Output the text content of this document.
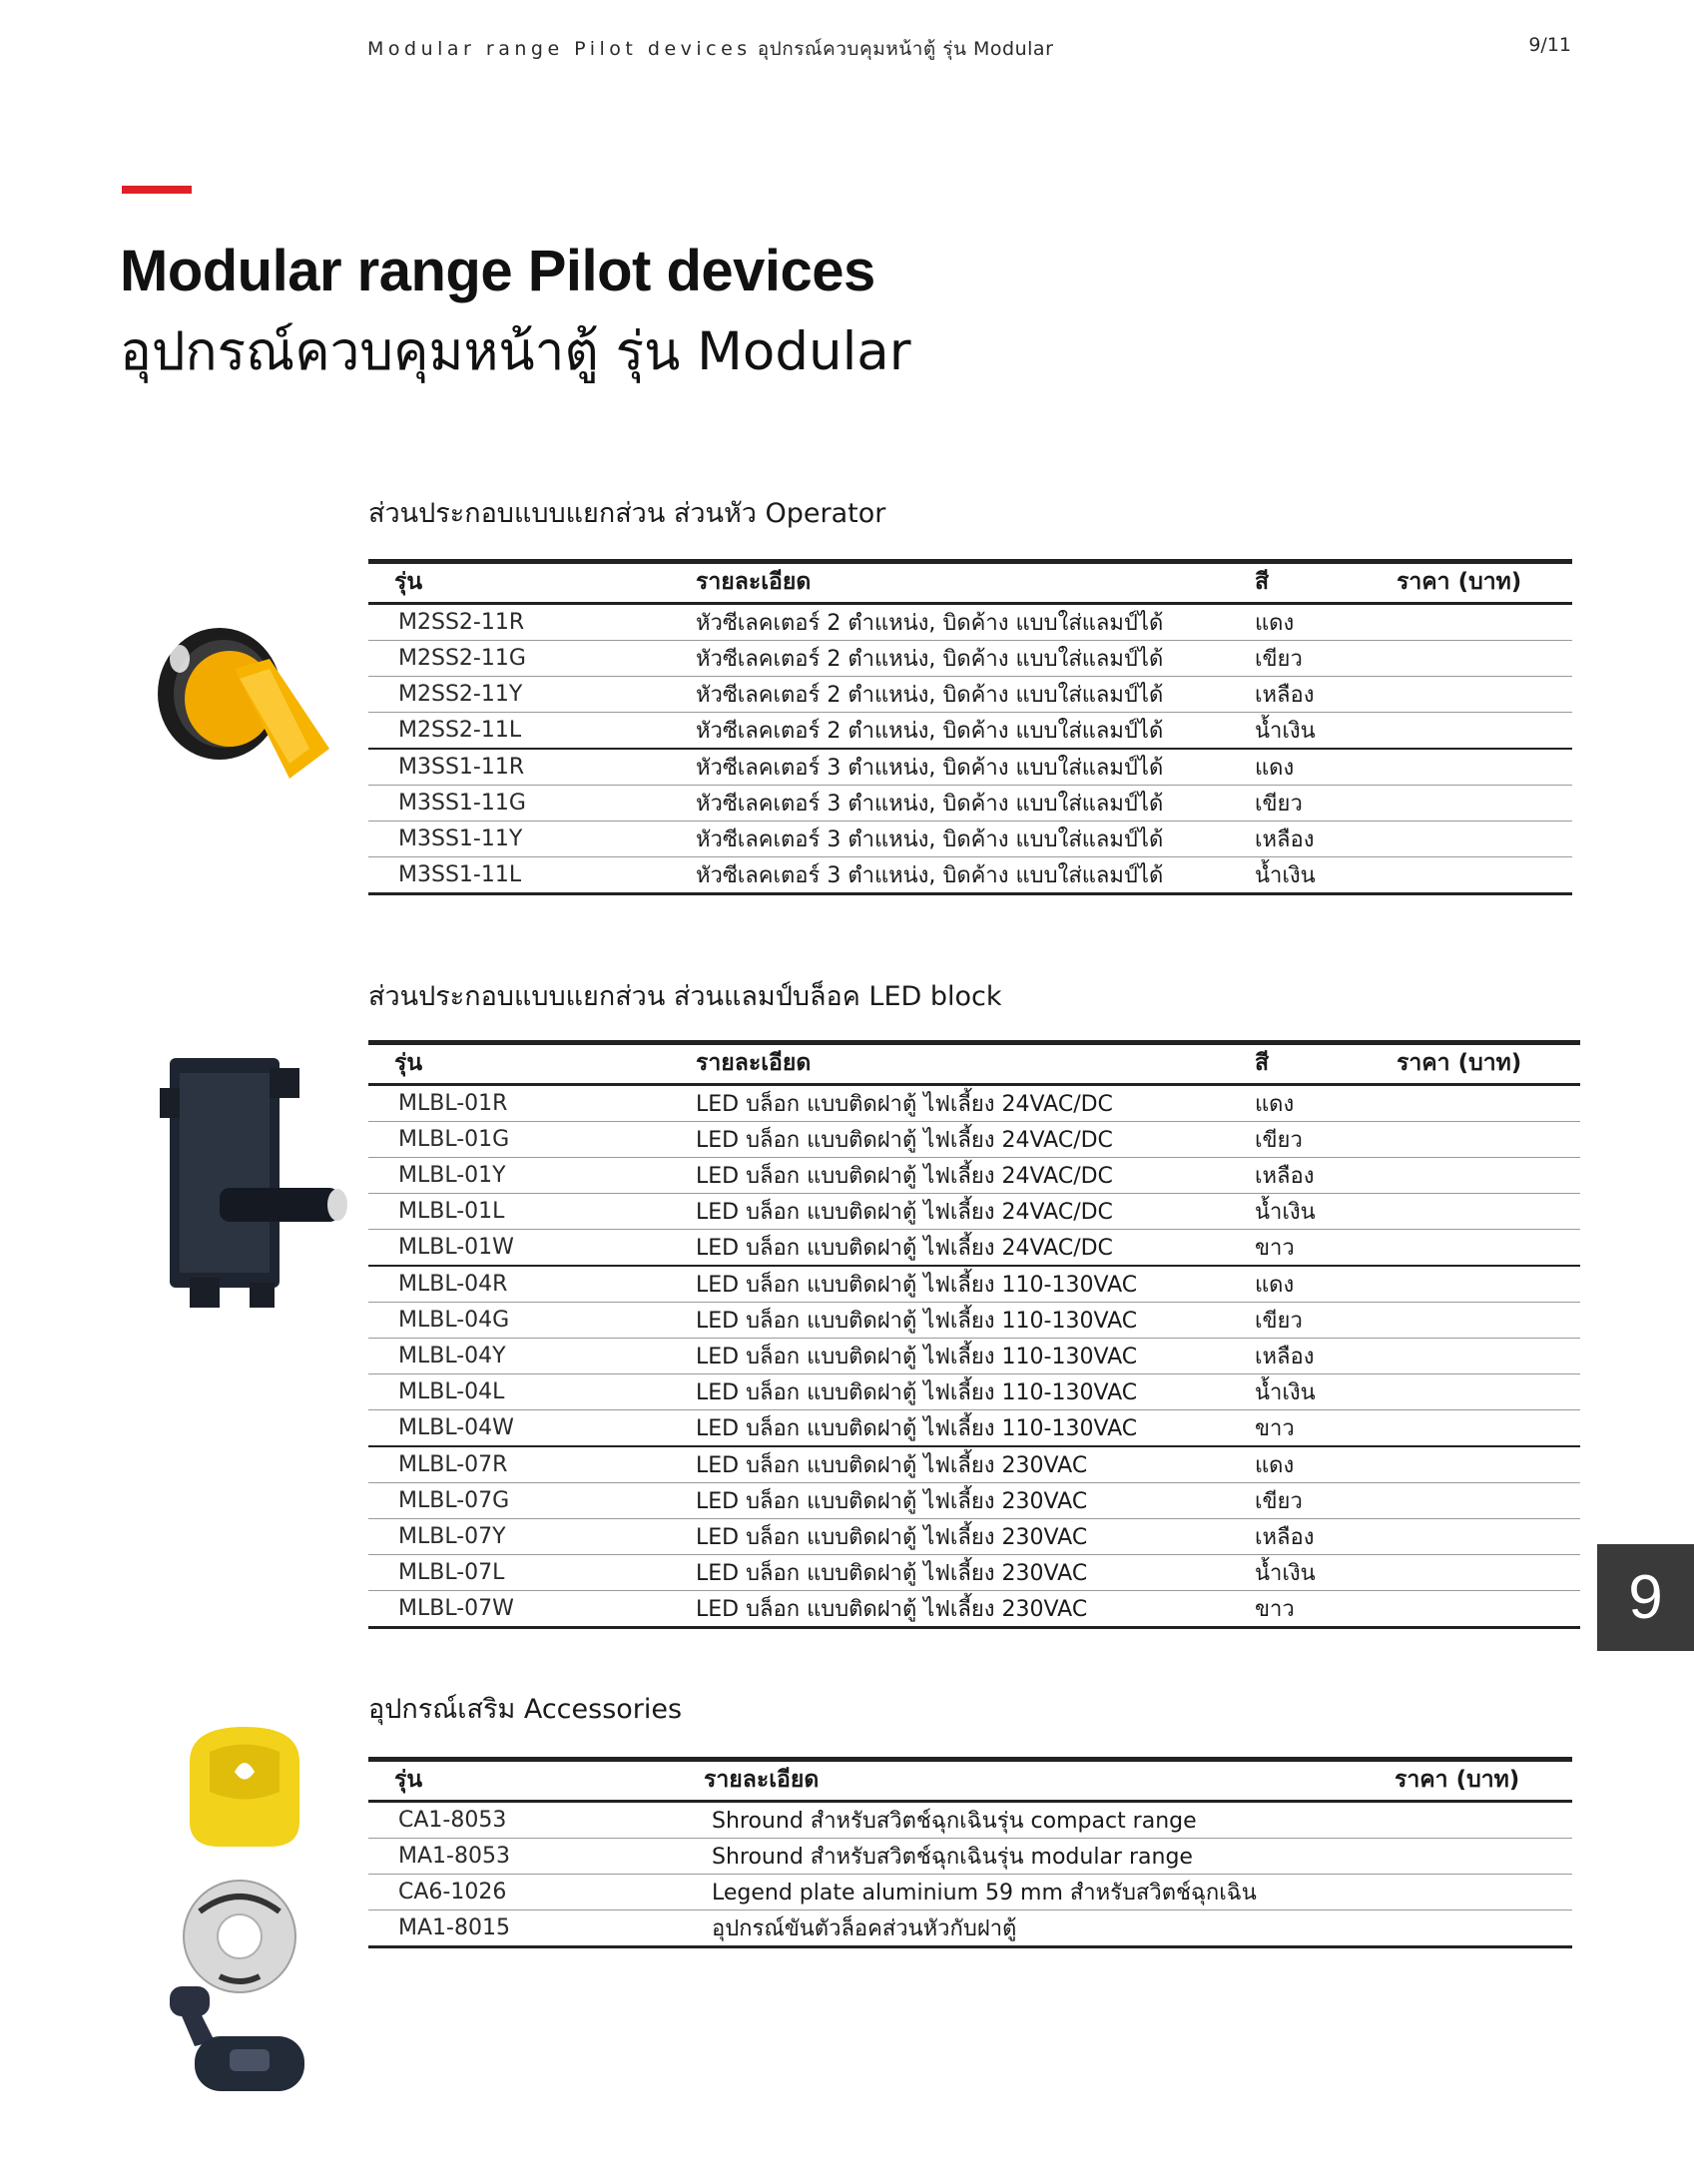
Modular range Pilot devices อุปกรณ์ควบคุมหน้าตู้ รุ่น Modular	9/11
Modular range Pilot devices
อุปกรณ์ควบคุมหน้าตู้ รุ่น Modular
ส่วนประกอบแบบแยกส่วน ส่วนหัว Operator
รุ่น	รายละเอียด	สี	ราคา (บาท)
M2SS2-11R	หัวซีเลคเตอร์ 2 ตำแหน่ง, บิดค้าง แบบใส่แลมป์ได้	แดง	
M2SS2-11G	หัวซีเลคเตอร์ 2 ตำแหน่ง, บิดค้าง แบบใส่แลมป์ได้	เขียว	
M2SS2-11Y	หัวซีเลคเตอร์ 2 ตำแหน่ง, บิดค้าง แบบใส่แลมป์ได้	เหลือง	
M2SS2-11L	หัวซีเลคเตอร์ 2 ตำแหน่ง, บิดค้าง แบบใส่แลมป์ได้	น้ำเงิน	
M3SS1-11R	หัวซีเลคเตอร์ 3 ตำแหน่ง, บิดค้าง แบบใส่แลมป์ได้	แดง	
M3SS1-11G	หัวซีเลคเตอร์ 3 ตำแหน่ง, บิดค้าง แบบใส่แลมป์ได้	เขียว	
M3SS1-11Y	หัวซีเลคเตอร์ 3 ตำแหน่ง, บิดค้าง แบบใส่แลมป์ได้	เหลือง	
M3SS1-11L	หัวซีเลคเตอร์ 3 ตำแหน่ง, บิดค้าง แบบใส่แลมป์ได้	น้ำเงิน	
ส่วนประกอบแบบแยกส่วน ส่วนแลมป์บล็อค LED block
รุ่น	รายละเอียด	สี	ราคา (บาท)
MLBL-01R	LED บล็อก แบบติดฝาตู้ ไฟเลี้ยง 24VAC/DC	แดง	
MLBL-01G	LED บล็อก แบบติดฝาตู้ ไฟเลี้ยง 24VAC/DC	เขียว	
MLBL-01Y	LED บล็อก แบบติดฝาตู้ ไฟเลี้ยง 24VAC/DC	เหลือง	
MLBL-01L	LED บล็อก แบบติดฝาตู้ ไฟเลี้ยง 24VAC/DC	น้ำเงิน	
MLBL-01W	LED บล็อก แบบติดฝาตู้ ไฟเลี้ยง 24VAC/DC	ขาว	
MLBL-04R	LED บล็อก แบบติดฝาตู้ ไฟเลี้ยง 110-130VAC	แดง	
MLBL-04G	LED บล็อก แบบติดฝาตู้ ไฟเลี้ยง 110-130VAC	เขียว	
MLBL-04Y	LED บล็อก แบบติดฝาตู้ ไฟเลี้ยง 110-130VAC	เหลือง	
MLBL-04L	LED บล็อก แบบติดฝาตู้ ไฟเลี้ยง 110-130VAC	น้ำเงิน	
MLBL-04W	LED บล็อก แบบติดฝาตู้ ไฟเลี้ยง 110-130VAC	ขาว	
MLBL-07R	LED บล็อก แบบติดฝาตู้ ไฟเลี้ยง 230VAC	แดง	
MLBL-07G	LED บล็อก แบบติดฝาตู้ ไฟเลี้ยง 230VAC	เขียว	
MLBL-07Y	LED บล็อก แบบติดฝาตู้ ไฟเลี้ยง 230VAC	เหลือง	
MLBL-07L	LED บล็อก แบบติดฝาตู้ ไฟเลี้ยง 230VAC	น้ำเงิน	
MLBL-07W	LED บล็อก แบบติดฝาตู้ ไฟเลี้ยง 230VAC	ขาว		9
อุปกรณ์เสริม Accessories
รุ่น	รายละเอียด	ราคา (บาท)
CA1-8053	Shround สำหรับสวิตช์ฉุกเฉินรุ่น compact range	
MA1-8053	Shround สำหรับสวิตช์ฉุกเฉินรุ่น modular range	
CA6-1026	Legend plate aluminium 59 mm สำหรับสวิตช์ฉุกเฉิน	
MA1-8015	อุปกรณ์ขันตัวล็อคส่วนหัวกับฝาตู้	
